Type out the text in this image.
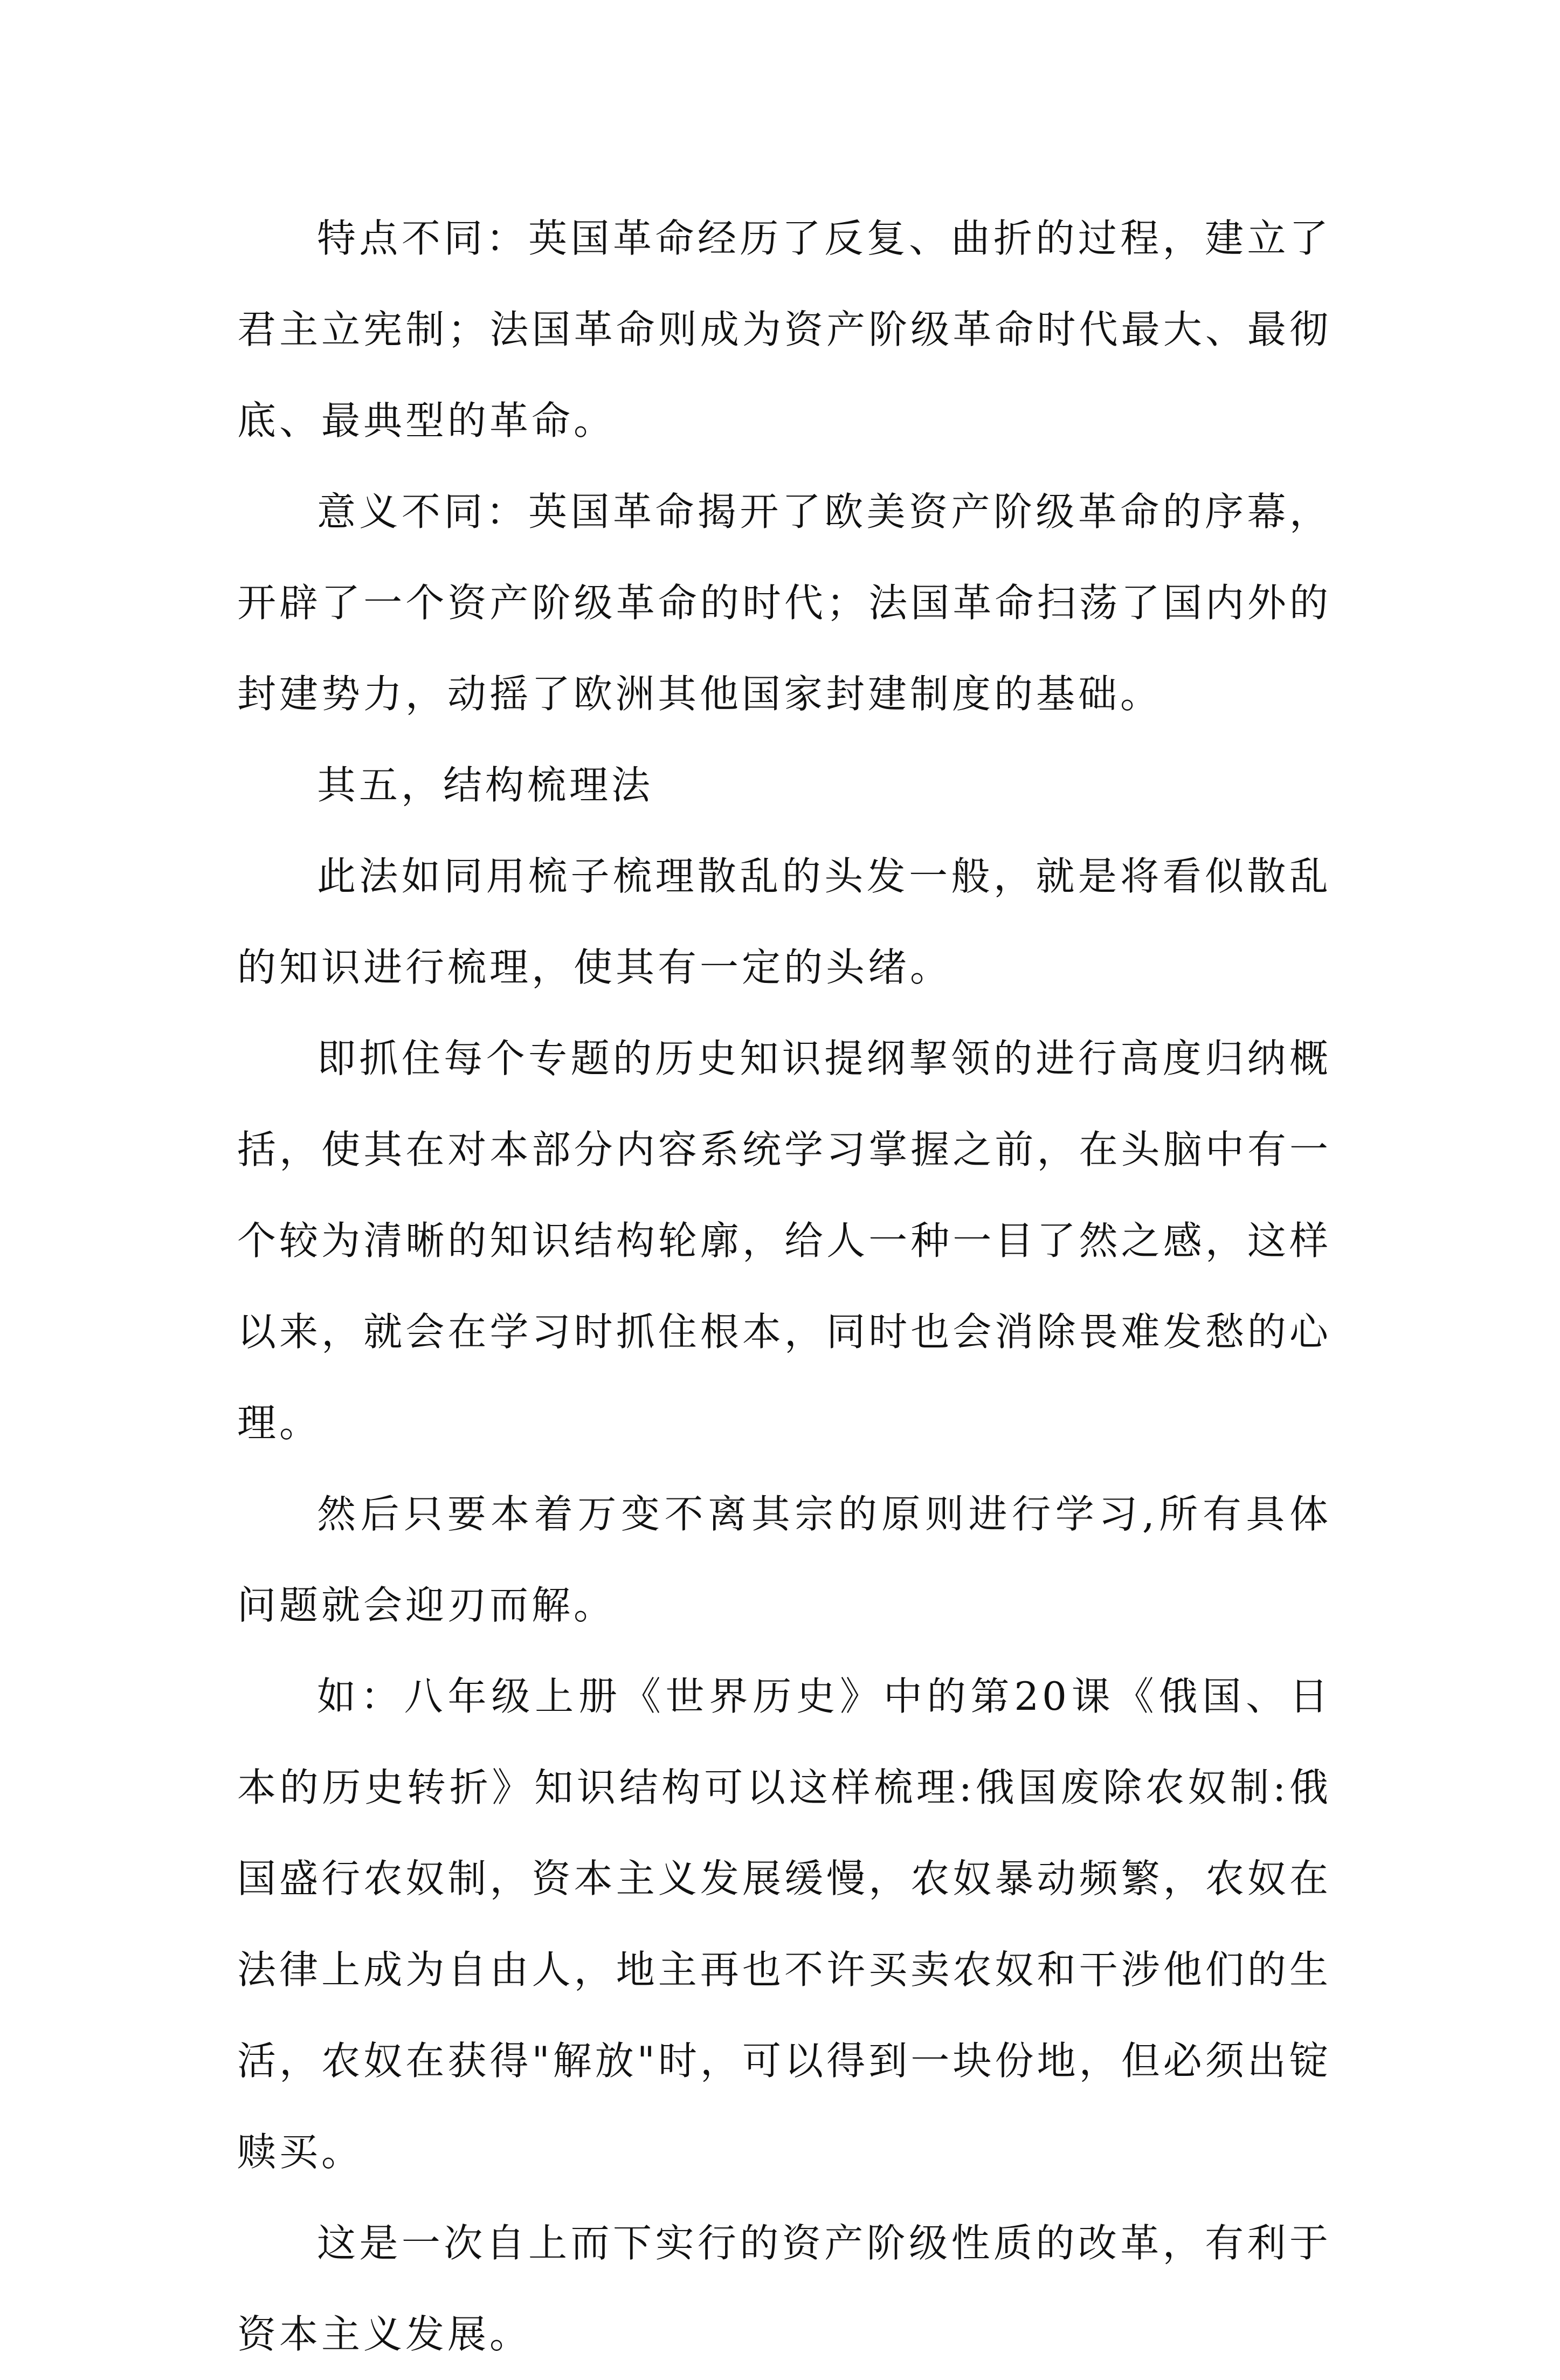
特点不同：英国革命经历了反复、曲折的过程，建立了君主立宪制；法国革命则成为资产阶级革命时代最大、最彻底、最典型的革命。

意义不同：英国革命揭开了欧美资产阶级革命的序幕，开辟了一个资产阶级革命的时代；法国革命扫荡了国内外的封建势力，动摇了欧洲其他国家封建制度的基础。

其五，结构梳理法

此法如同用梳子梳理散乱的头发一般，就是将看似散乱的知识进行梳理，使其有一定的头绪。

即抓住每个专题的历史知识提纲挈领的进行高度归纳概括，使其在对本部分内容系统学习掌握之前，在头脑中有一个较为清晰的知识结构轮廓，给人一种一目了然之感，这样以来，就会在学习时抓住根本，同时也会消除畏难发愁的心理。

然后只要本着万变不离其宗的原则进行学习,所有具体问题就会迎刃而解。

如：八年级上册《世界历史》中的第20课《俄国、日本的历史转折》知识结构可以这样梳理:俄国废除农奴制:俄国盛行农奴制，资本主义发展缓慢，农奴暴动频繁，农奴在法律上成为自由人，地主再也不许买卖农奴和干涉他们的生活，农奴在获得"解放"时，可以得到一块份地，但必须出锭赎买。

这是一次自上而下实行的资产阶级性质的改革，有利于资本主义发展。
